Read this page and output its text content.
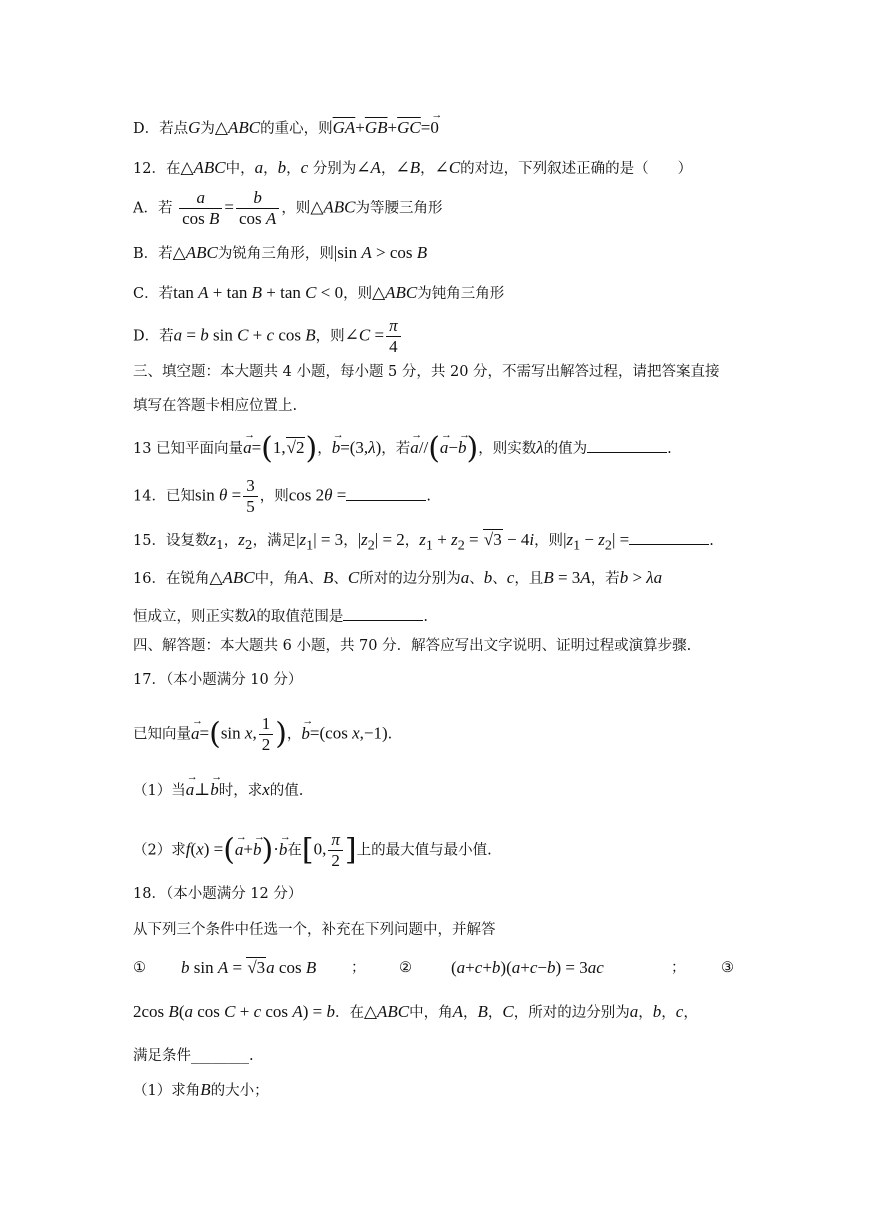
D．若点G为△ABC的重心，则$\overline{GA}+\overline{GB}+\overline{GC}=\to 0$
12．在△ABC中，a，b，c 分别为∠A，∠B，∠C的对边，下列叙述正确的是（　　）
A．若 $\frac{a}{\text{cos B}} = \frac{b}{\text{cos A}}$ ，则△ABC为等腰三角形
B．若△ABC为锐角三角形，则|sin A > cos B
C．若tan A + tan B + tan C < 0，则△ABC为钝角三角形
D．若a = b sin C + c cos B，则∠C = $\frac{\pi}{4}$
三、填空题：本大题共 4 小题，每小题 5 分，共 20 分，不需写出解答过程，请把答案直接
填写在答题卡相应位置上.
13 已知平面向量→ a=(1,√2)，→ b=(3,λ)，若→ a//(→ a−→ b)，则实数λ的值为	.
14．已知$\sin \theta = \frac{3}{5}$ ，则cos 2θ =	.
15．设复数$z_1$，$z_2$，满足$|z_1| = 3$，$|z_2| = 2$，$z_1 + z_2 = √3 - 4i$，则$|z_1 - z_2|$ =	.
16．在锐角△ABC中，角A、B、C所对的边分别为a、b、c，且B = 3A，若b > λa
恒成立，则正实数λ的取值范围是	.
四、解答题：本大题共 6 小题，共 70 分．解答应写出文字说明、证明过程或演算步骤.
17．（本小题满分 10 分）
已知向量→ a=(sin x, $\frac{1}{2}$ )，→ b=(cos x,−1).
（1）当→ a⊥→ b时，求x的值.
（2）求f(x) =(→ a+→ b)·→ b在[0, $\frac{\pi}{2}$ ]上的最大值与最小值.
18．（本小题满分 12 分）
从下列三个条件中任选一个，补充在下列问题中，并解答
① b sin A = √3a cos B ； ② (a+c+b)(a+c−b) = 3ac	； ③
2cos B(a cos C + c cos A) = b．在△ABC中，角A，B，C，所对的边分别为a，b，c，
满足条件________.
（1）求角B的大小；
